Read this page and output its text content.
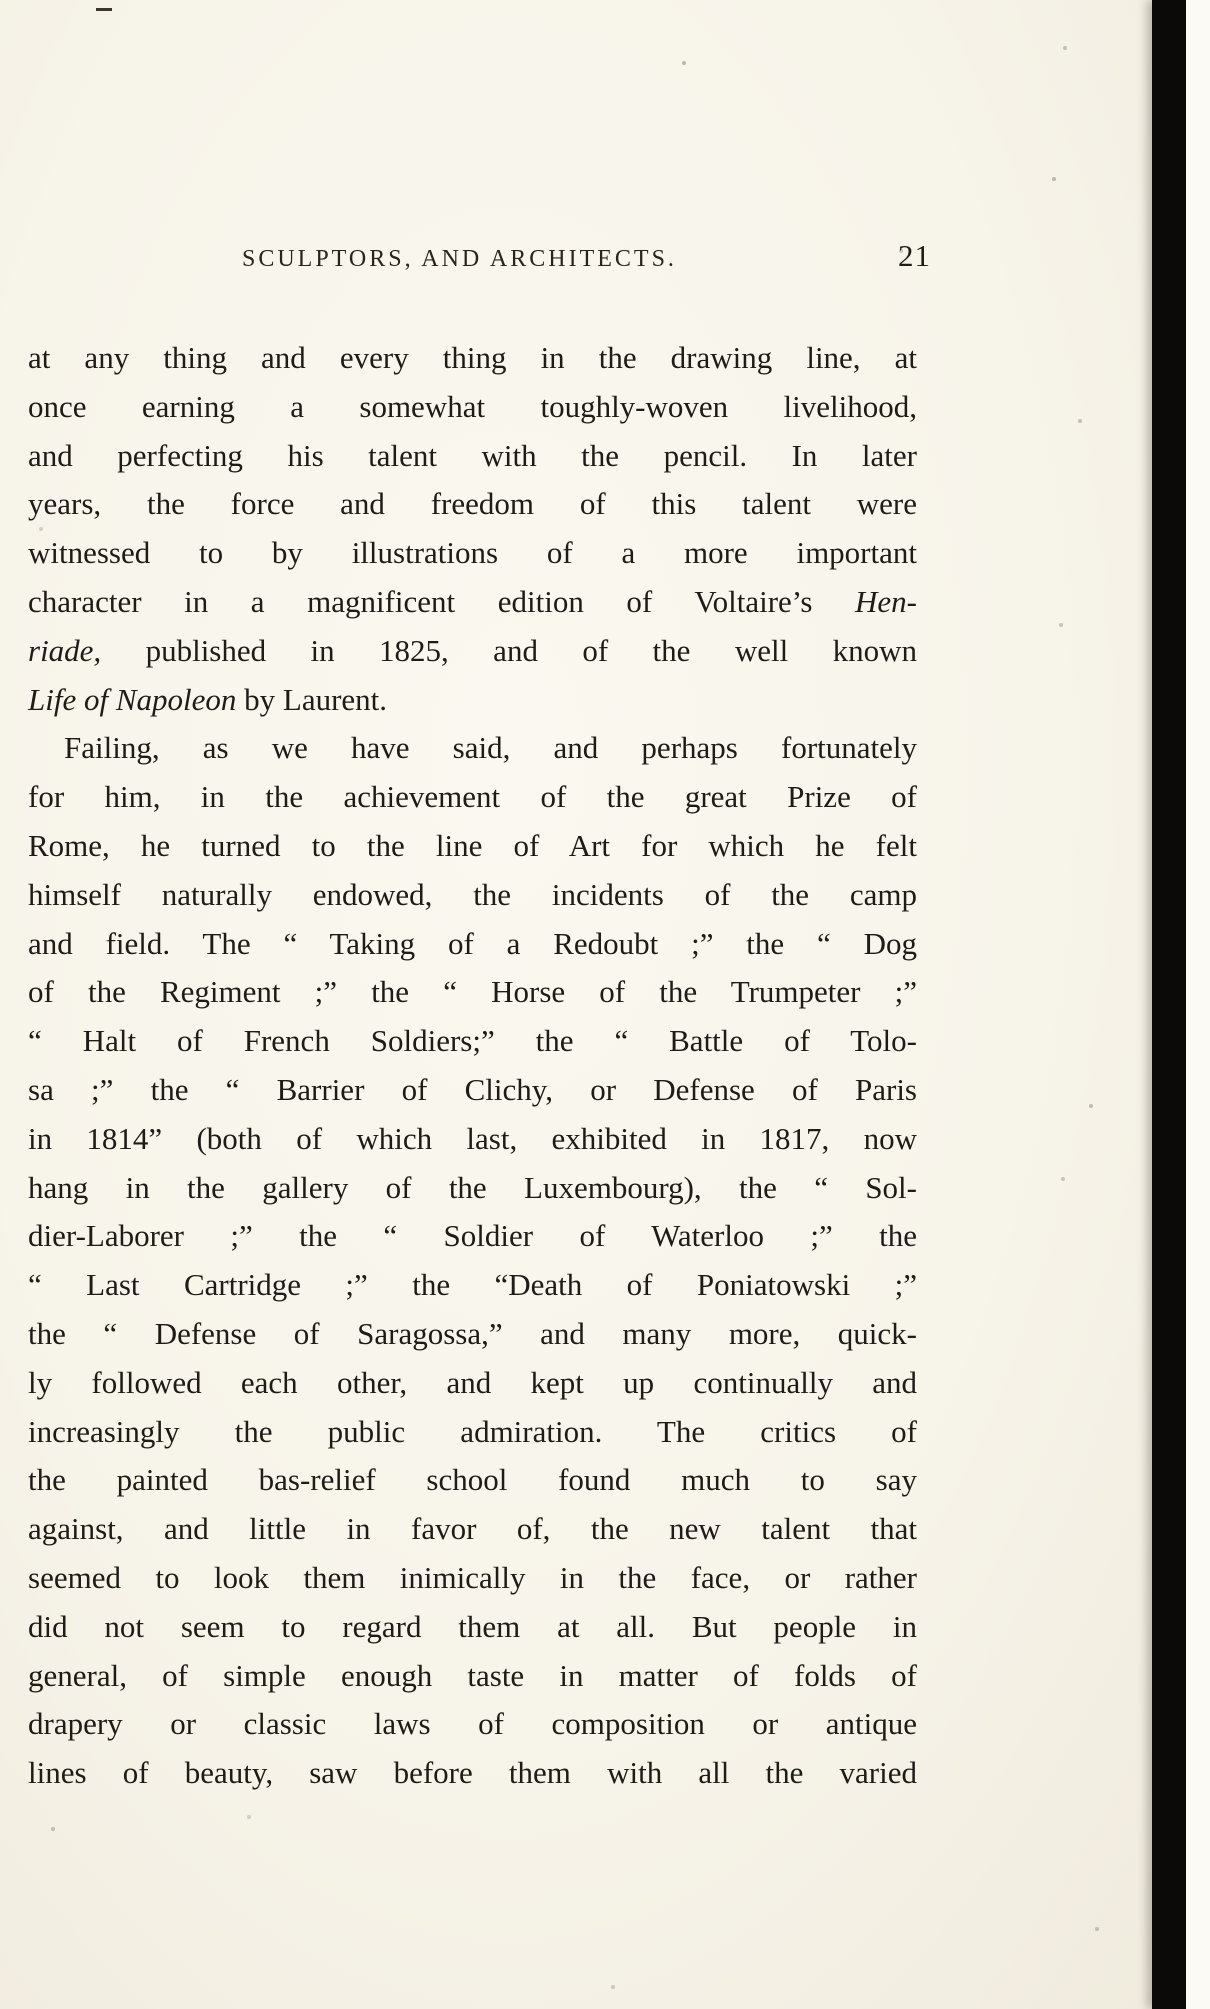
SCULPTORS, AND ARCHITECTS.	21
at any thing and every thing in the drawing line, at
once earning a somewhat toughly-woven livelihood,
and perfecting his talent with the pencil. In later
years, the force and freedom of this talent were
witnessed to by illustrations of a more important
character in a magnificent edition of Voltaire’s Hen-
riade, published in 1825, and of the well known
Life of Napoleon by Laurent.
Failing, as we have said, and perhaps fortunately
for him, in the achievement of the great Prize of
Rome, he turned to the line of Art for which he felt
himself naturally endowed, the incidents of the camp
and field. The “ Taking of a Redoubt ;” the “ Dog
of the Regiment ;” the “ Horse of the Trumpeter ;”
“ Halt of French Soldiers;” the “ Battle of Tolo-
sa ;” the “ Barrier of Clichy, or Defense of Paris
in 1814” (both of which last, exhibited in 1817, now
hang in the gallery of the Luxembourg), the “ Sol-
dier-Laborer ;” the “ Soldier of Waterloo ;” the
“ Last Cartridge ;” the “Death of Poniatowski ;”
the “ Defense of Saragossa,” and many more, quick-
ly followed each other, and kept up continually and
increasingly the public admiration. The critics of
the painted bas-relief school found much to say
against, and little in favor of, the new talent that
seemed to look them inimically in the face, or rather
did not seem to regard them at all. But people in
general, of simple enough taste in matter of folds of
drapery or classic laws of composition or antique
lines of beauty, saw before them with all the varied
